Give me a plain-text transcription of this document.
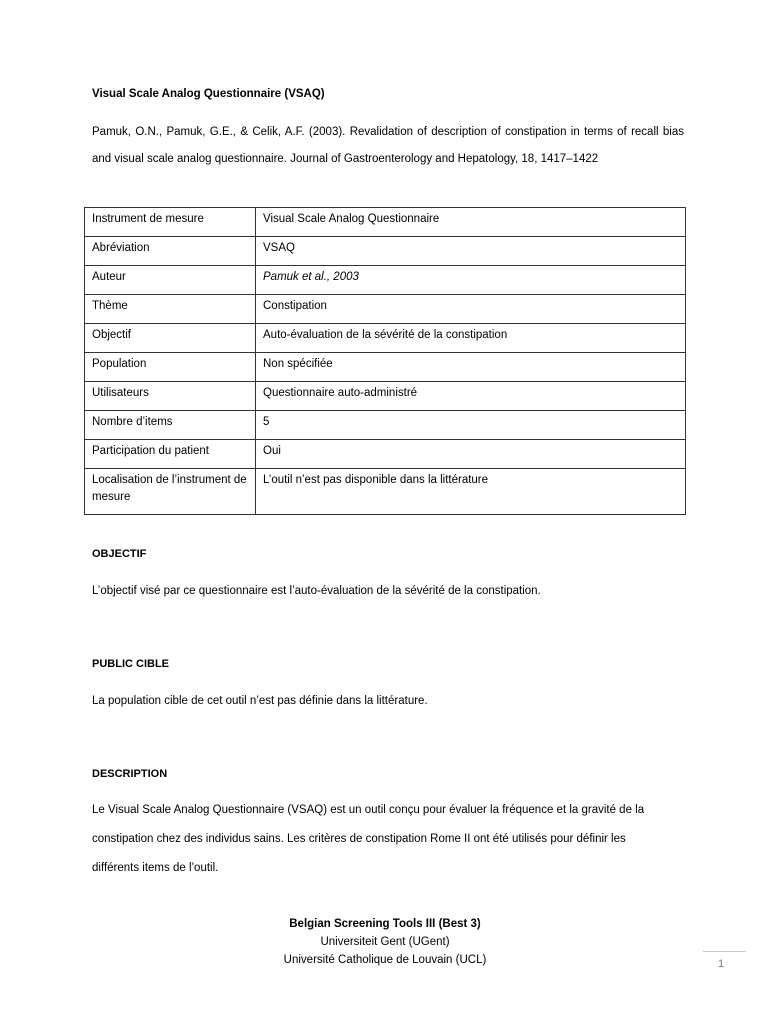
Visual Scale Analog Questionnaire (VSAQ)
Pamuk, O.N., Pamuk, G.E., & Celik, A.F. (2003). Revalidation of description of constipation in terms of recall bias and visual scale analog questionnaire. Journal of Gastroenterology and Hepatology, 18, 1417–1422
Instrument de mesure	Visual Scale Analog Questionnaire
Abréviation	VSAQ
Auteur	Pamuk et al., 2003
Thème	Constipation
Objectif	Auto-évaluation de la sévérité de la constipation
Population	Non spécifiée
Utilisateurs	Questionnaire auto-administré
Nombre d’items	5
Participation du patient	Oui
Localisation de l’instrument de mesure	L’outil n’est pas disponible dans la littérature
OBJECTIF
L’objectif visé par ce questionnaire est l’auto-évaluation de la sévérité de la constipation.
PUBLIC CIBLE
La population cible de cet outil n’est pas définie dans la littérature.
DESCRIPTION
Le Visual Scale Analog Questionnaire (VSAQ) est un outil conçu pour évaluer la fréquence et la gravité de la constipation chez des individus sains. Les critères de constipation Rome II ont été utilisés pour définir les différents items de l’outil.
Belgian Screening Tools III (Best 3)
Universiteit Gent (UGent)
Université Catholique de Louvain (UCL)	1
